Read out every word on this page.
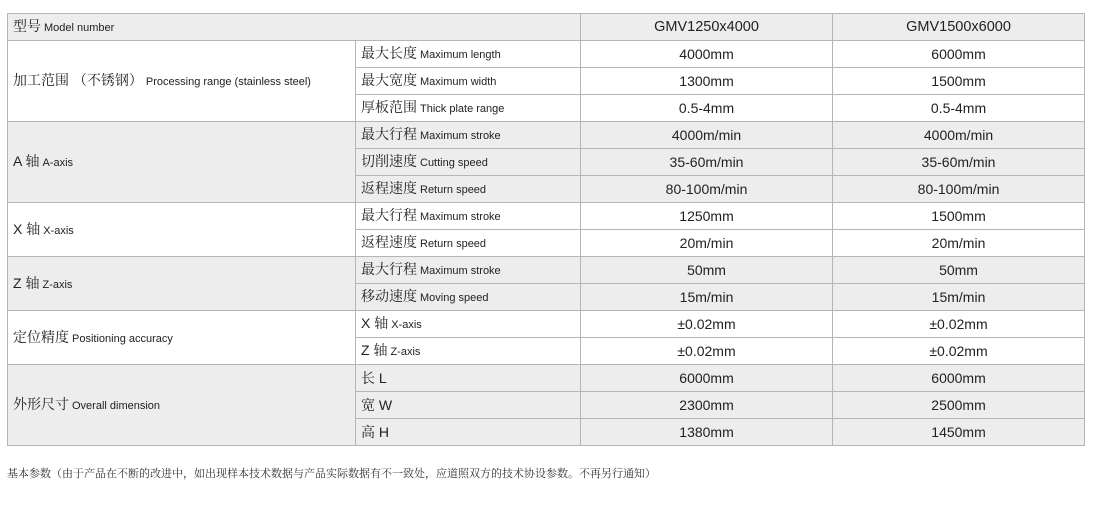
型号 Model number		GMV1250x4000	GMV1500x6000
加工范围 （不锈钢） Processing range (stainless steel)	最大长度 Maximum length	4000mm	6000mm
	最大宽度 Maximum width	1300mm	1500mm
	厚板范围 Thick plate range	0.5-4mm	0.5-4mm
A 轴 A-axis	最大行程 Maximum stroke	4000m/min	4000m/min
	切削速度 Cutting speed	35-60m/min	35-60m/min
	返程速度 Return speed	80-100m/min	80-100m/min
X 轴 X-axis	最大行程 Maximum stroke	1250mm	1500mm
	返程速度 Return speed	20m/min	20m/min
Z 轴 Z-axis	最大行程 Maximum stroke	50mm	50mm
	移动速度 Moving speed	15m/min	15m/min
定位精度 Positioning accuracy	X 轴 X-axis	±0.02mm	±0.02mm
	Z 轴 Z-axis	±0.02mm	±0.02mm
外形尺寸 Overall dimension	长 L	6000mm	6000mm
	宽 W	2300mm	2500mm
	高 H	1380mm	1450mm
基本参数（由于产品在不断的改进中，如出现样本技术数据与产品实际数据有不一致处，应道照双方的技术协设参数。不再另行通知）
